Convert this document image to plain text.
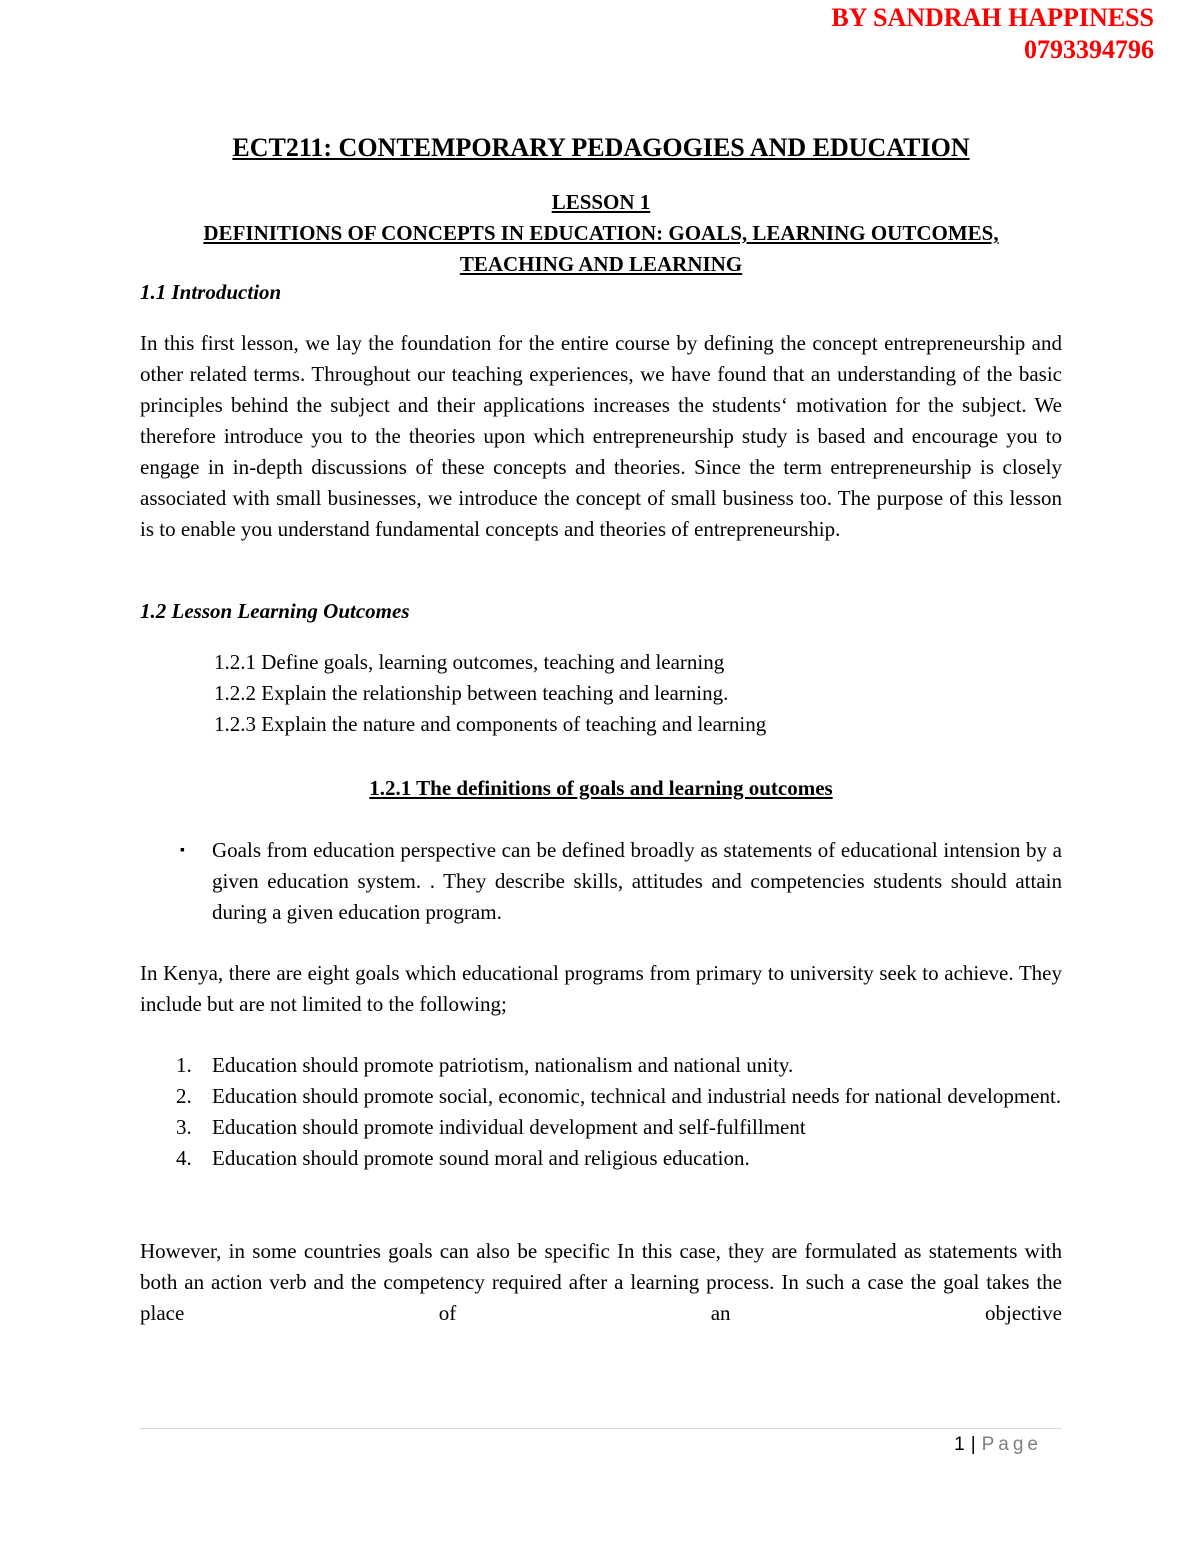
BY SANDRAH HAPPINESS
0793394796
ECT211: CONTEMPORARY PEDAGOGIES AND EDUCATION
LESSON 1
DEFINITIONS OF CONCEPTS IN EDUCATION: GOALS, LEARNING OUTCOMES,
TEACHING AND LEARNING
1.1 Introduction

In this first lesson, we lay the foundation for the entire course by defining the concept entrepreneurship and other related terms. Throughout our teaching experiences, we have found that an understanding of the basic principles behind the subject and their applications increases the students‘ motivation for the subject. We therefore introduce you to the theories upon which entrepreneurship study is based and encourage you to engage in in-depth discussions of these concepts and theories. Since the term entrepreneurship is closely associated with small businesses, we introduce the concept of small business too. The purpose of this lesson is to enable you understand fundamental concepts and theories of entrepreneurship.

1.2 Lesson Learning Outcomes
1.2.1 Define goals, learning outcomes, teaching and learning
1.2.2 Explain the relationship between teaching and learning.
1.2.3 Explain the nature and components of teaching and learning
1.2.1 The definitions of goals and learning outcomes
▪ Goals from education perspective can be defined broadly as statements of educational intension by a given education system. . They describe skills, attitudes and competencies students should attain during a given education program.

In Kenya, there are eight goals which educational programs from primary to university seek to achieve. They include but are not limited to the following;

1. Education should promote patriotism, nationalism and national unity.
2. Education should promote social, economic, technical and industrial needs for national development.
3. Education should promote individual development and self-fulfillment
4. Education should promote sound moral and religious education.

However, in some countries goals can also be specific In this case, they are formulated as statements with both an action verb and the competency required after a learning process. In such a case the goal takes the place of an objective

1 | Page
